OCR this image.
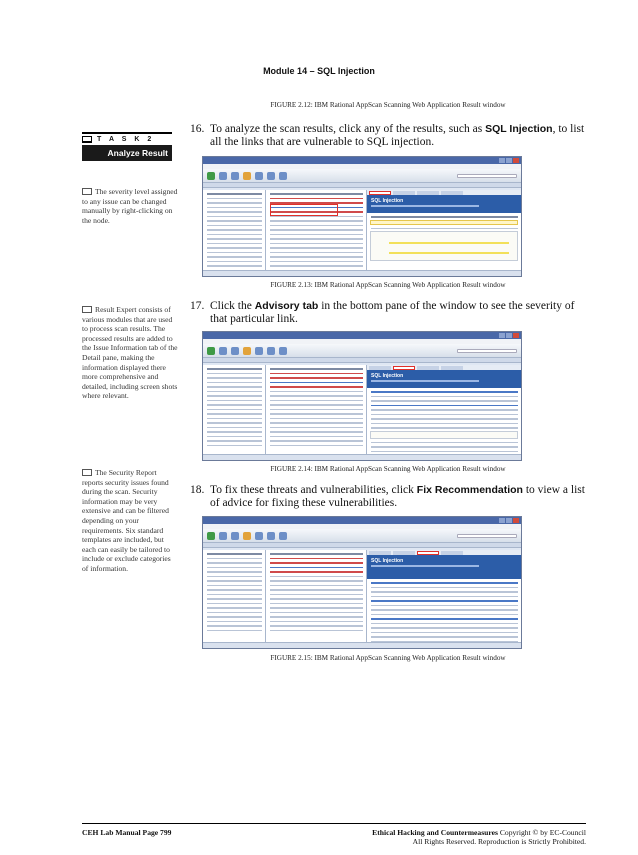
Module 14 – SQL Injection
FIGURE 2.12: IBM Rational AppScan Scanning Web Application Result window
T A S K 2
Analyze Result
16. To analyze the scan results, click any of the results, such as SQL Injection, to list all the links that are vulnerable to SQL injection.
The severity level assigned to any issue can be changed manually by right-clicking on the node.
SQL Injection
FIGURE 2.13: IBM Rational AppScan Scanning Web Application Result window
17. Click the Advisory tab in the bottom pane of the window to see the severity of that particular link.
Result Expert consists of various modules that are used to process scan results. The processed results are added to the Issue Information tab of the Detail pane, making the information displayed there more comprehensive and detailed, including screen shots where relevant.
SQL Injection
FIGURE 2.14: IBM Rational AppScan Scanning Web Application Result window
The Security Report reports security issues found during the scan. Security information may be very extensive and can be filtered depending on your requirements. Six standard templates are included, but each can easily be tailored to include or exclude categories of information.
18. To fix these threats and vulnerabilities, click Fix Recommendation to view a list of advice for fixing these vulnerabilities.
SQL Injection
FIGURE 2.15: IBM Rational AppScan Scanning Web Application Result window
CEH Lab Manual Page 799	Ethical Hacking and Countermeasures Copyright © by EC-Council
All Rights Reserved. Reproduction is Strictly Prohibited.
